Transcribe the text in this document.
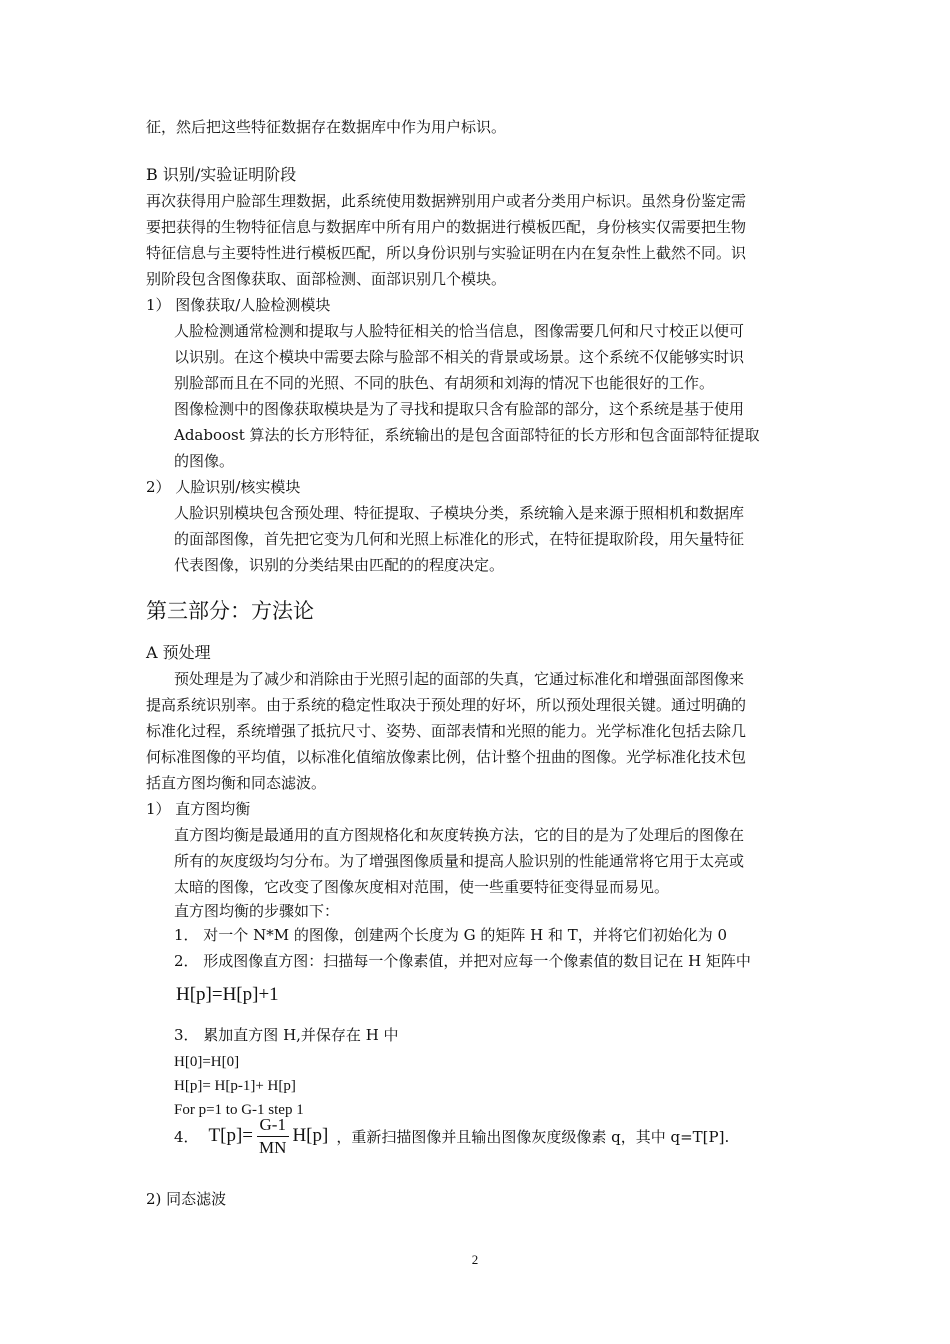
征，然后把这些特征数据存在数据库中作为用户标识。
B 识别/实验证明阶段
再次获得用户脸部生理数据，此系统使用数据辨别用户或者分类用户标识。虽然身份鉴定需
要把获得的生物特征信息与数据库中所有用户的数据进行模板匹配，身份核实仅需要把生物
特征信息与主要特性进行模板匹配，所以身份识别与实验证明在内在复杂性上截然不同。识
别阶段包含图像获取、面部检测、面部识别几个模块。
1） 图像获取/人脸检测模块
人脸检测通常检测和提取与人脸特征相关的恰当信息，图像需要几何和尺寸校正以便可
以识别。在这个模块中需要去除与脸部不相关的背景或场景。这个系统不仅能够实时识
别脸部而且在不同的光照、不同的肤色、有胡须和刘海的情况下也能很好的工作。
图像检测中的图像获取模块是为了寻找和提取只含有脸部的部分，这个系统是基于使用
Adaboost 算法的长方形特征，系统输出的是包含面部特征的长方形和包含面部特征提取
的图像。
2） 人脸识别/核实模块
人脸识别模块包含预处理、特征提取、子模块分类，系统输入是来源于照相机和数据库
的面部图像，首先把它变为几何和光照上标准化的形式，在特征提取阶段，用矢量特征
代表图像，识别的分类结果由匹配的的程度决定。
第三部分：方法论
A 预处理
预处理是为了减少和消除由于光照引起的面部的失真，它通过标准化和增强面部图像来
提高系统识别率。由于系统的稳定性取决于预处理的好坏，所以预处理很关键。通过明确的
标准化过程，系统增强了抵抗尺寸、姿势、面部表情和光照的能力。光学标准化包括去除几
何标准图像的平均值，以标准化值缩放像素比例，估计整个扭曲的图像。光学标准化技术包
括直方图均衡和同态滤波。
1） 直方图均衡
直方图均衡是最通用的直方图规格化和灰度转换方法，它的目的是为了处理后的图像在
所有的灰度级均匀分布。为了增强图像质量和提高人脸识别的性能通常将它用于太亮或
太暗的图像，它改变了图像灰度相对范围，使一些重要特征变得显而易见。
直方图均衡的步骤如下：
1． 对一个 N*M 的图像，创建两个长度为 G 的矩阵 H 和 T，并将它们初始化为 0
2． 形成图像直方图：扫描每一个像素值，并把对应每一个像素值的数目记在 H 矩阵中
H[p]=H[p]+1
3． 累加直方图 H,并保存在 H 中
H[0]=H[0]
H[p]= H[p-1]+ H[p]
For p=1 to G-1 step 1
4． $T[p]= \frac{G-1}{MN} H[p]$ ，重新扫描图像并且输出图像灰度级像素 q，其中 q=T[P].
2) 同态滤波
2
